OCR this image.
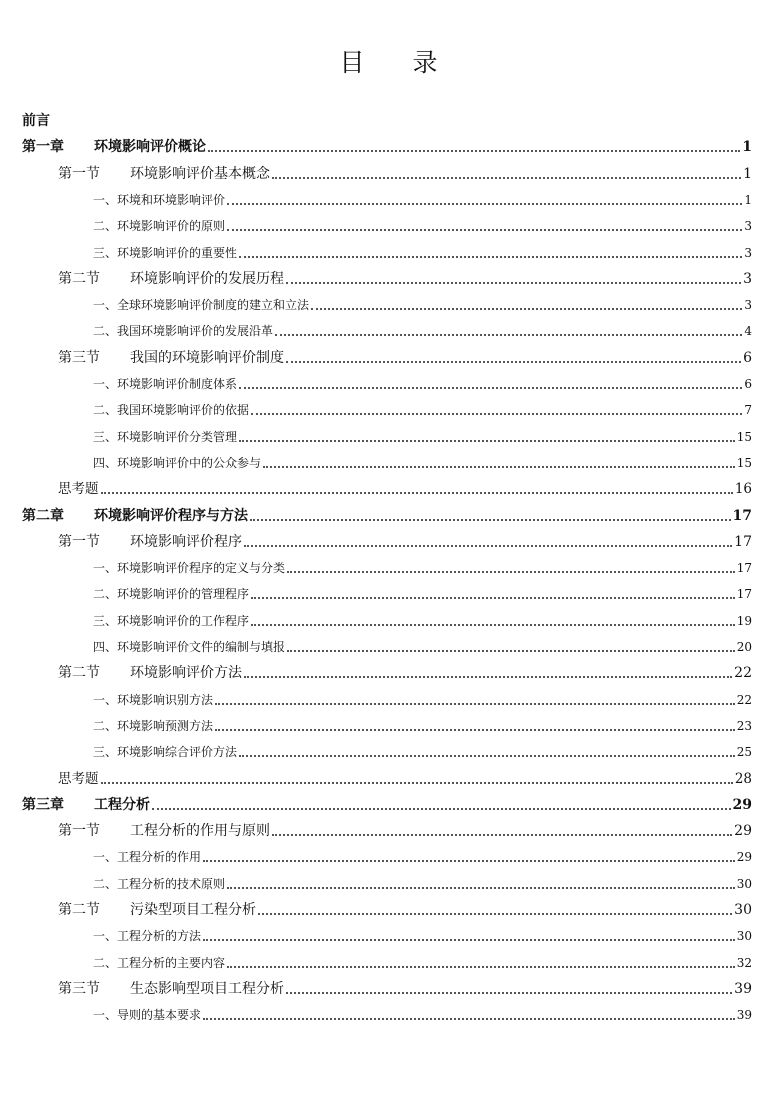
目录
前言
第一章 环境影响评价概论	1
第一节 环境影响评价基本概念	1
一、环境和环境影响评价	1
二、环境影响评价的原则	3
三、环境影响评价的重要性	3
第二节 环境影响评价的发展历程	3
一、全球环境影响评价制度的建立和立法	3
二、我国环境影响评价的发展沿革	4
第三节 我国的环境影响评价制度	6
一、环境影响评价制度体系	6
二、我国环境影响评价的依据	7
三、环境影响评价分类管理	15
四、环境影响评价中的公众参与	15
思考题	16
第二章 环境影响评价程序与方法	17
第一节 环境影响评价程序	17
一、环境影响评价程序的定义与分类	17
二、环境影响评价的管理程序	17
三、环境影响评价的工作程序	19
四、环境影响评价文件的编制与填报	20
第二节 环境影响评价方法	22
一、环境影响识别方法	22
二、环境影响预测方法	23
三、环境影响综合评价方法	25
思考题	28
第三章 工程分析	29
第一节 工程分析的作用与原则	29
一、工程分析的作用	29
二、工程分析的技术原则	30
第二节 污染型项目工程分析	30
一、工程分析的方法	30
二、工程分析的主要内容	32
第三节 生态影响型项目工程分析	39
一、导则的基本要求	39
